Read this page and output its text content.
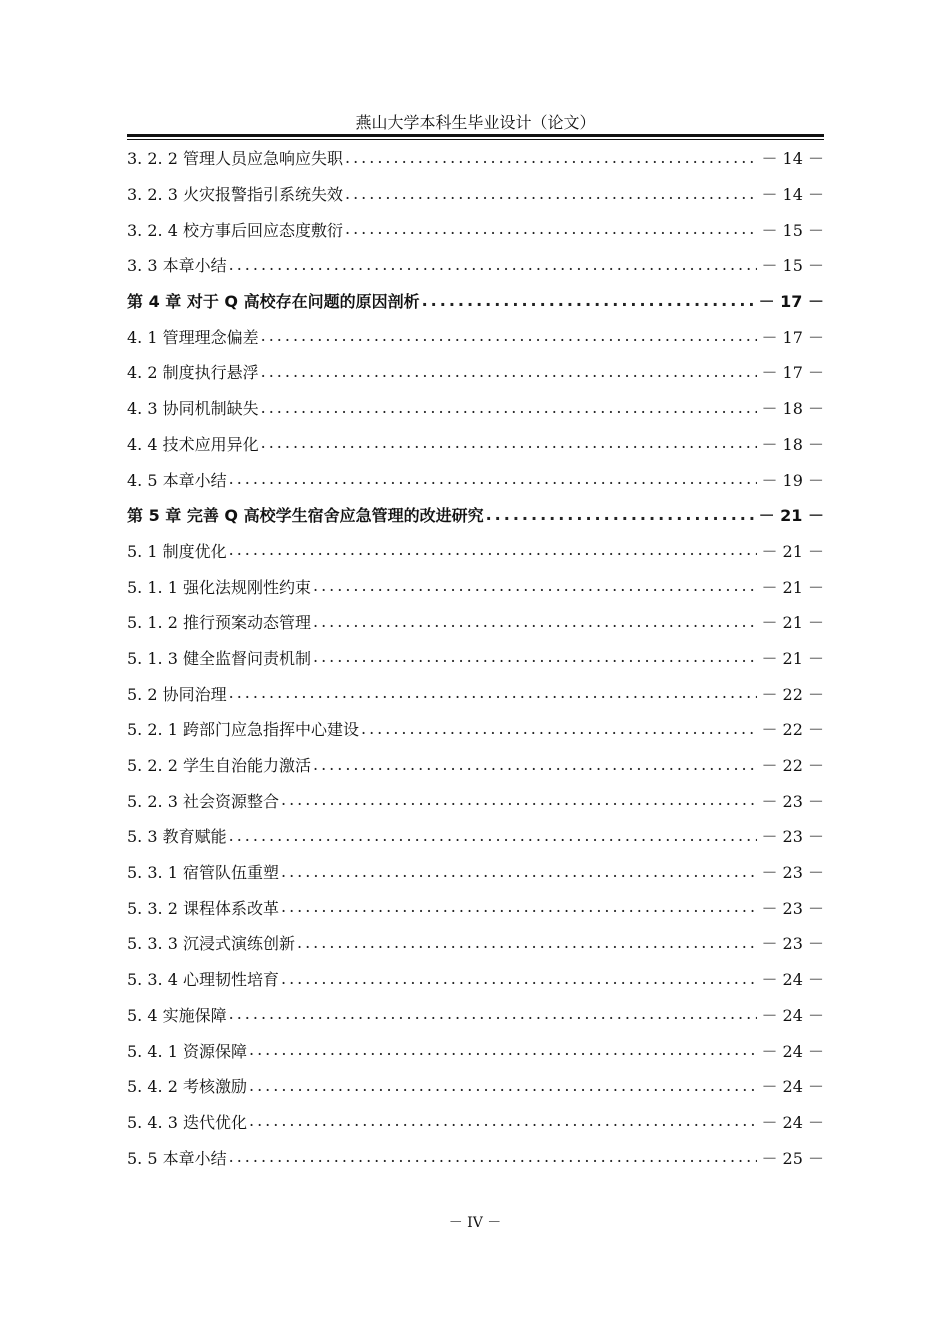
燕山大学本科生毕业设计（论文）
3. 2. 2 管理人员应急响应失职 .....	－ 14 －
3. 2. 3 火灾报警指引系统失效 .....	－ 14 －
3. 2. 4 校方事后回应态度敷衍 .....	－ 15 －
3. 3 本章小结 .....	－ 15 －
第 4 章 对于 Q 高校存在问题的原因剖析 .....	－ 17 －
4. 1 管理理念偏差 .....	－ 17 －
4. 2 制度执行悬浮 .....	－ 17 －
4. 3 协同机制缺失 .....	－ 18 －
4. 4 技术应用异化 .....	－ 18 －
4. 5 本章小结 .....	－ 19 －
第 5 章 完善 Q 高校学生宿舍应急管理的改进研究 .....	－ 21 －
5. 1 制度优化 .....	－ 21 －
5. 1. 1 强化法规刚性约束 .....	－ 21 －
5. 1. 2 推行预案动态管理 .....	－ 21 －
5. 1. 3 健全监督问责机制 .....	－ 21 －
5. 2 协同治理 .....	－ 22 －
5. 2. 1 跨部门应急指挥中心建设 .....	－ 22 －
5. 2. 2 学生自治能力激活 .....	－ 22 －
5. 2. 3 社会资源整合 .....	－ 23 －
5. 3 教育赋能 .....	－ 23 －
5. 3. 1 宿管队伍重塑 .....	－ 23 －
5. 3. 2 课程体系改革 .....	－ 23 －
5. 3. 3 沉浸式演练创新 .....	－ 23 －
5. 3. 4 心理韧性培育 .....	－ 24 －
5. 4 实施保障 .....	－ 24 －
5. 4. 1 资源保障 .....	－ 24 －
5. 4. 2 考核激励 .....	－ 24 －
5. 4. 3 迭代优化 .....	－ 24 －
5. 5 本章小结 .....	－ 25 －
－ IV －
